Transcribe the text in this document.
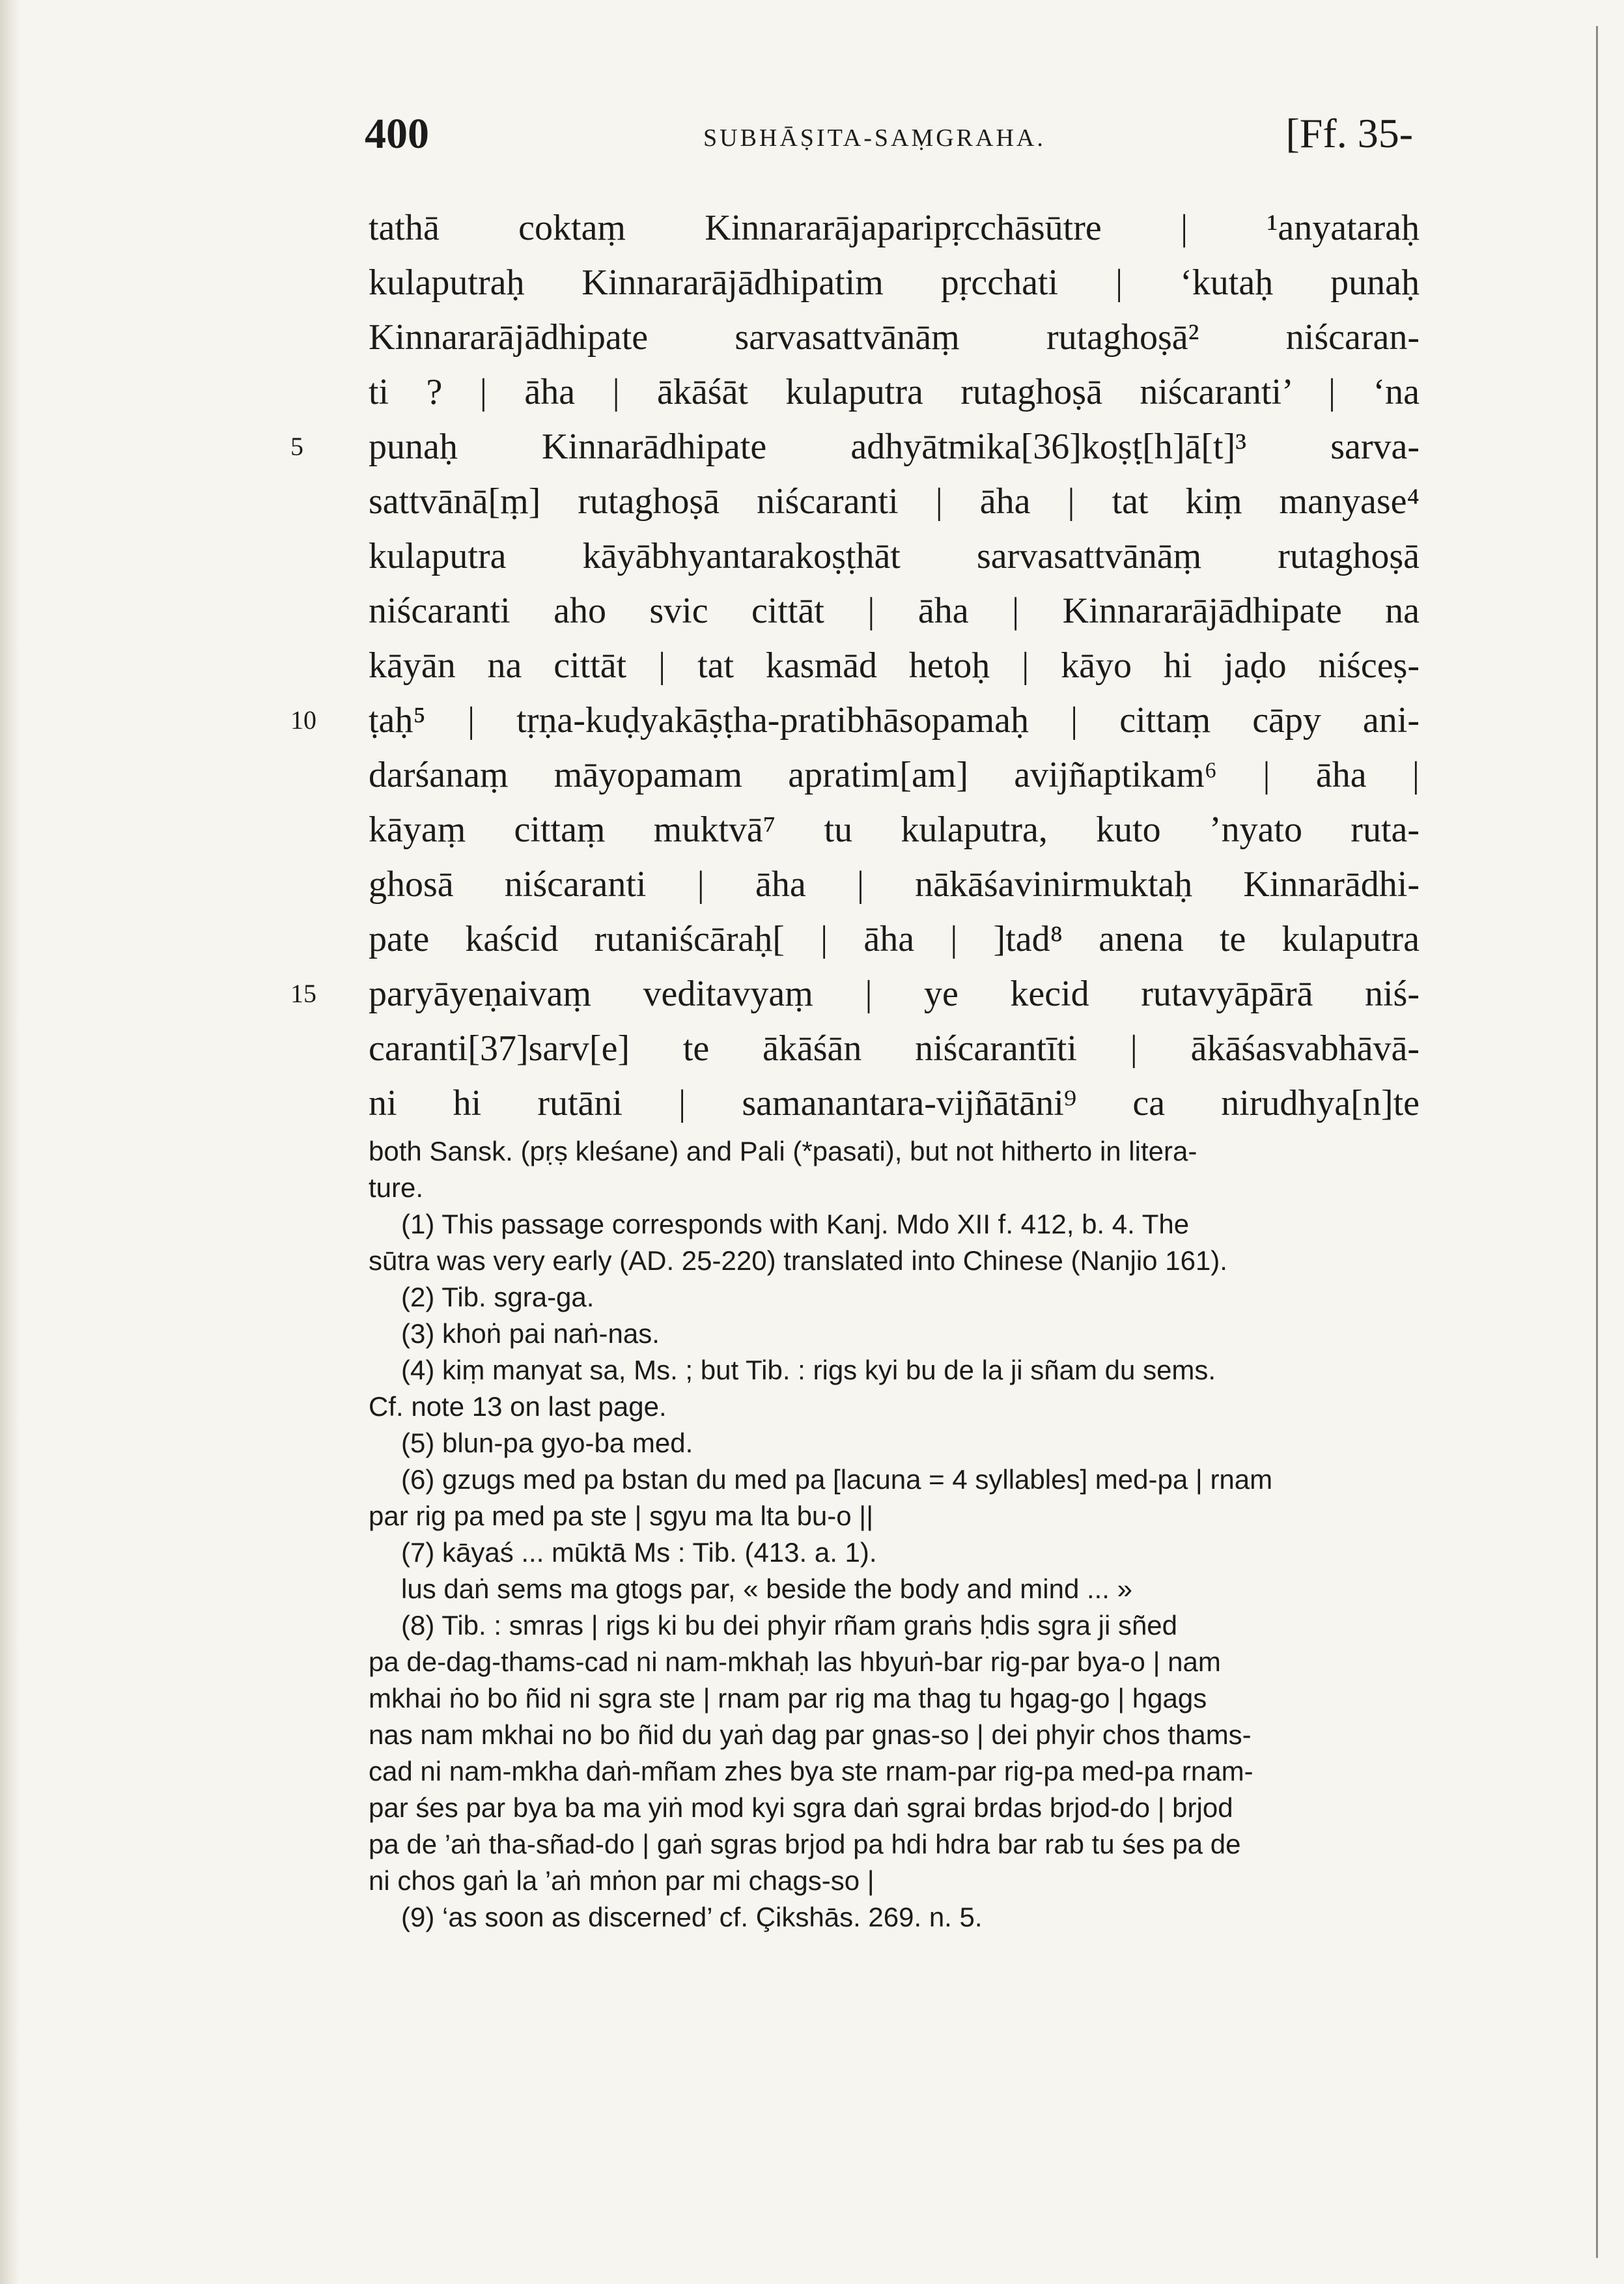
400	SUBHĀṢITA-SAṂGRAHA.	[Ff. 35-
tathā coktaṃ Kinnararājaparipṛcchāsūtre | ¹anyataraḥ
kulaputraḥ Kinnararājādhipatim pṛcchati | ‘kutaḥ punaḥ
Kinnararājādhipate sarvasattvānāṃ rutaghoṣā² niścaran-
ti ? | āha | ākāśāt kulaputra rutaghoṣā niścaranti’ | ‘na
5	punaḥ Kinnarādhipate adhyātmika[36]koṣṭ[h]ā[t]³ sarva-
sattvānā[ṃ] rutaghoṣā niścaranti | āha | tat kiṃ manyase⁴
kulaputra kāyābhyantarakoṣṭhāt sarvasattvānāṃ rutaghoṣā
niścaranti aho svic cittāt | āha | Kinnararājādhipate na
kāyān na cittāt | tat kasmād hetoḥ | kāyo hi jaḍo niśceṣ-
10	ṭaḥ⁵ | tṛṇa-kuḍyakāṣṭha-pratibhāsopamaḥ | cittaṃ cāpy ani-
darśanaṃ māyopamam apratim[am] avijñaptikam⁶ | āha |
kāyaṃ cittaṃ muktvā⁷ tu kulaputra, kuto ’nyato ruta-
ghosā niścaranti | āha | nākāśavinirmuktaḥ Kinnarādhi-
pate kaścid rutaniścāraḥ[ | āha | ]tad⁸ anena te kulaputra
15	paryāyeṇaivaṃ veditavyaṃ | ye kecid rutavyāpārā niś-
caranti[37]sarv[e] te ākāśān niścarantīti | ākāśasvabhāvā-
ni hi rutāni | samanantara-vijñātāni⁹ ca nirudhya[n]te
both Sansk. (pṛṣ kleśane) and Pali (*pasati), but not hitherto in litera-
ture.
(1) This passage corresponds with Kanj. Mdo XII f. 412, b. 4. The
sūtra was very early (AD. 25-220) translated into Chinese (Nanjio 161).
(2) Tib. sgra-ga.
(3) khoṅ pai naṅ-nas.
(4) kiṃ manyat sa, Ms. ; but Tib. : rigs kyi bu de la ji sñam du sems.
Cf. note 13 on last page.
(5) blun-pa gyo-ba med.
(6) gzugs med pa bstan du med pa [lacuna = 4 syllables] med-pa | rnam
par rig pa med pa ste | sgyu ma lta bu-o ||
(7) kāyaś ... mūktā Ms : Tib. (413. a. 1).
lus daṅ sems ma gtogs par, « beside the body and mind ... »
(8) Tib. : smras | rigs ki bu dei phyir rñam graṅs ḥdis sgra ji sñed
pa de-dag-thams-cad ni nam-mkhaḥ las hbyuṅ-bar rig-par bya-o | nam
mkhai ṅo bo ñid ni sgra ste | rnam par rig ma thag tu hgag-go | hgags
nas nam mkhai no bo ñid du yaṅ dag par gnas-so | dei phyir chos thams-
cad ni nam-mkha daṅ-mñam zhes bya ste rnam-par rig-pa med-pa rnam-
par śes par bya ba ma yiṅ mod kyi sgra daṅ sgrai brdas brjod-do | brjod
pa de ’aṅ tha-sñad-do | gaṅ sgras brjod pa hdi hdra bar rab tu śes pa de
ni chos gaṅ la ’aṅ mṅon par mi chags-so |
(9) ‘as soon as discerned’ cf. Çikshās. 269. n. 5.
